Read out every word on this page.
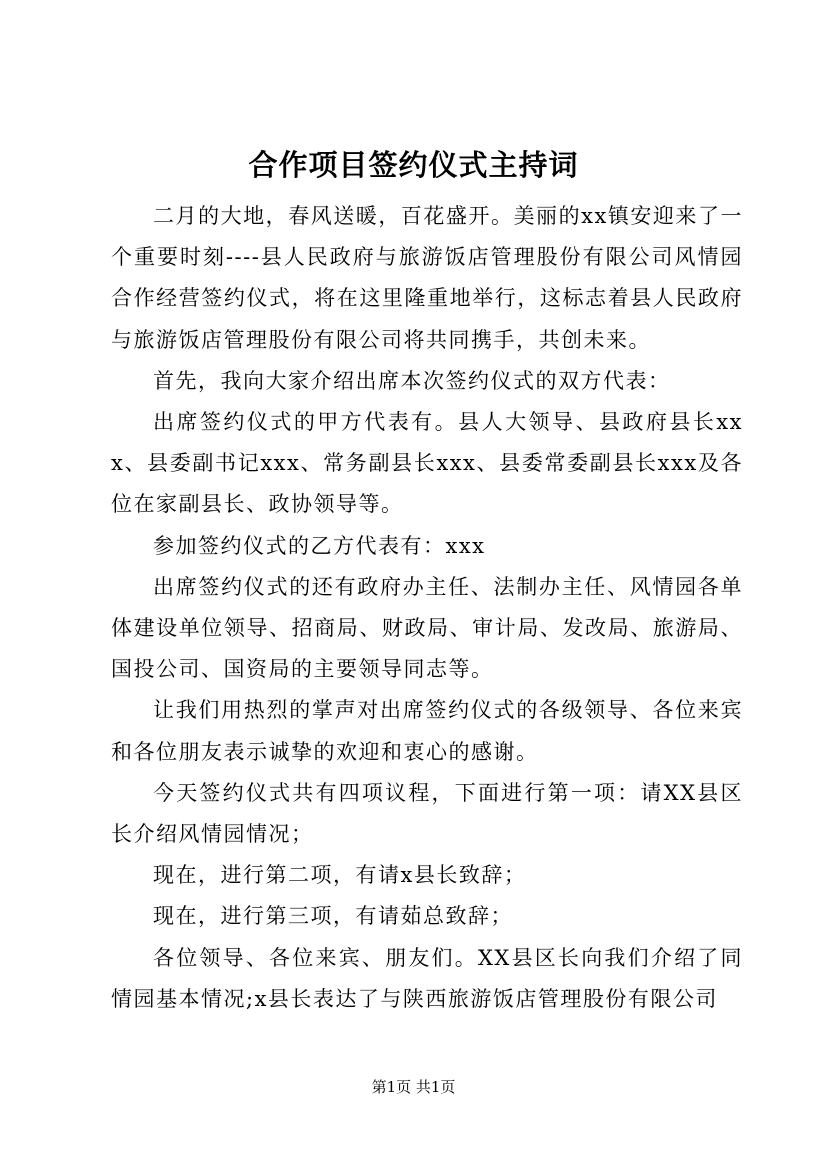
合作项目签约仪式主持词

二月的大地，春风送暖，百花盛开。美丽的xx镇安迎来了一个重要时刻----县人民政府与旅游饭店管理股份有限公司风情园合作经营签约仪式，将在这里隆重地举行，这标志着县人民政府与旅游饭店管理股份有限公司将共同携手，共创未来。

首先，我向大家介绍出席本次签约仪式的双方代表：

出席签约仪式的甲方代表有。县人大领导、县政府县长xxx、县委副书记xxx、常务副县长xxx、县委常委副县长xxx及各位在家副县长、政协领导等。

参加签约仪式的乙方代表有：xxx

出席签约仪式的还有政府办主任、法制办主任、风情园各单体建设单位领导、招商局、财政局、审计局、发改局、旅游局、国投公司、国资局的主要领导同志等。

让我们用热烈的掌声对出席签约仪式的各级领导、各位来宾和各位朋友表示诚挚的欢迎和衷心的感谢。

今天签约仪式共有四项议程，下面进行第一项：请XX县区长介绍风情园情况；

现在，进行第二项，有请x县长致辞；

现在，进行第三项，有请茹总致辞；

各位领导、各位来宾、朋友们。XX县区长向我们介绍了同情园基本情况;x县长表达了与陕西旅游饭店管理股份有限公司

第1页 共1页
